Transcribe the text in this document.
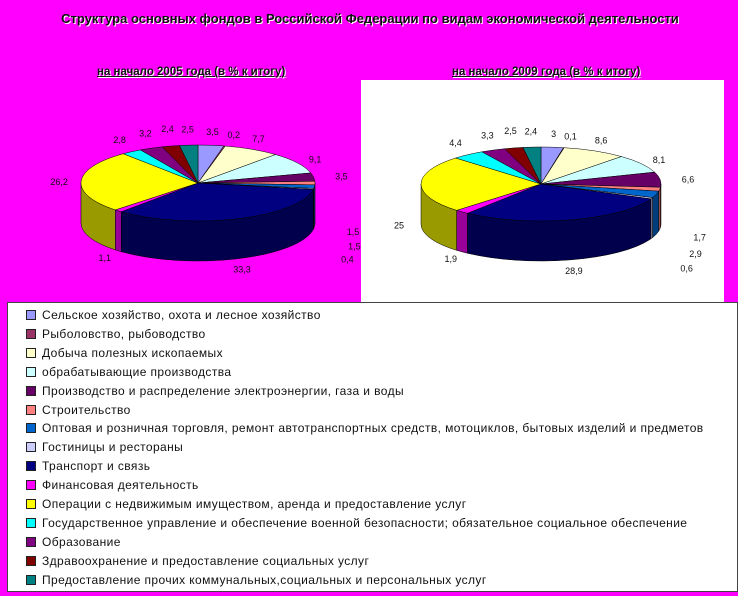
Структура основных фондов в Российской Федерации по видам экономической деятельности
на начало 2005 года (в % к итогу)	на начало 2009 года (в % к итогу)
3,5 0,2 7,7
9,1
3,5
1,5
1,5
0,4
33,3
1,1
26,2
2,8
3,2 2,4 2,5	3 0,1 8,6
8,1
6,6
1,7
2,9
0,6
28,9
1,9
25
4,4
3,3 2,5 2,4
Сельское хозяйство, охота и лесное хозяйство
Рыболовство, рыбоводство
Добыча полезных ископаемых
обрабатывающие производства
Производство и распределение электроэнергии, газа и воды
Строительство
Оптовая и розничная торговля, ремонт автотранспортных средств, мотоциклов, бытовых изделий и предметов
Гостиницы и рестораны
Транспорт и связь
Финансовая деятельность
Операции с недвижимым имуществом, аренда и предоставление услуг
Государственное управление и обеспечение военной безопасности; обязательное социальное обеспечение
Образование
Здравоохранение и предоставление социальных услуг
Предоставление прочих коммунальных,социальных и персональных услуг
